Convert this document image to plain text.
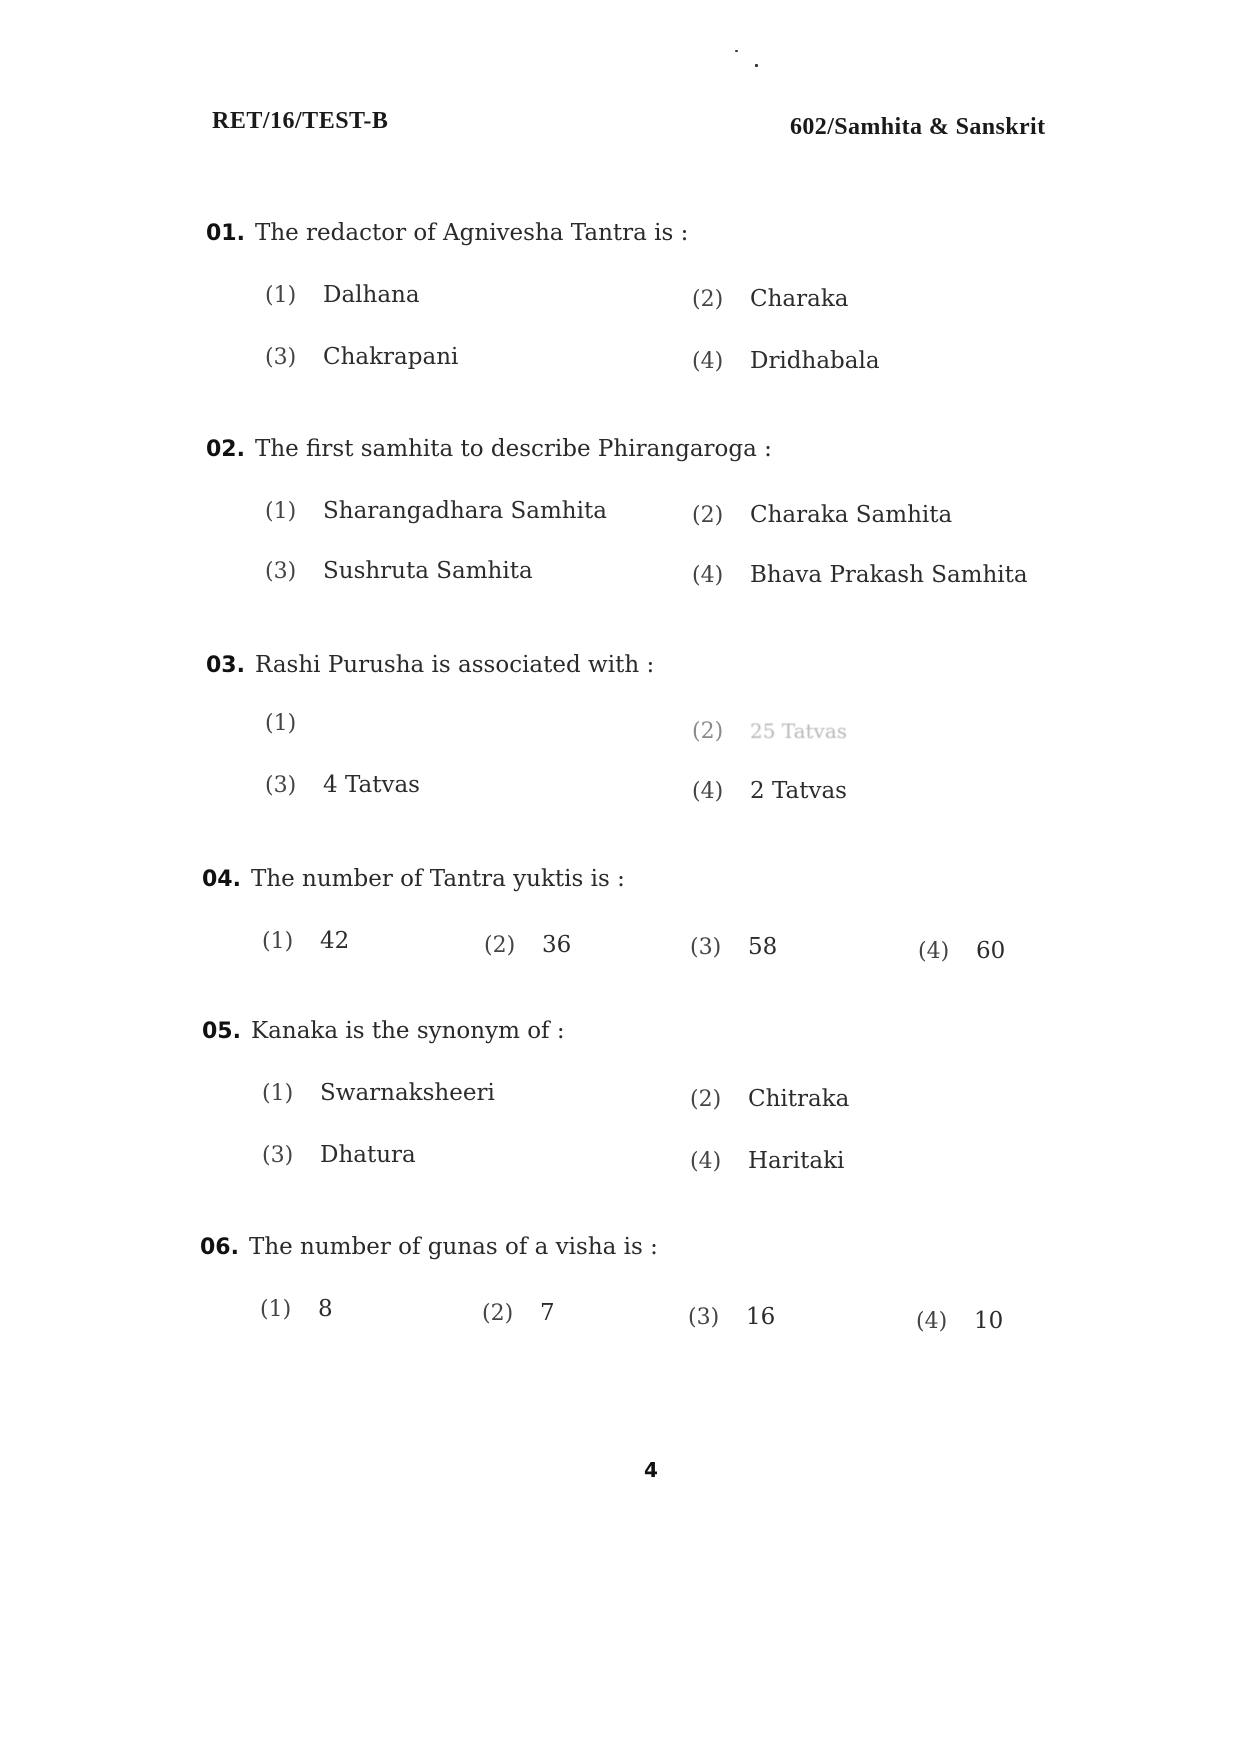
RET/16/TEST-B	602/Samhita & Sanskrit
01. The redactor of Agnivesha Tantra is :
(1) Dalhana	(2) Charaka
(3) Chakrapani	(4) Dridhabala
02. The first samhita to describe Phirangaroga :
(1) Sharangadhara Samhita	(2) Charaka Samhita
(3) Sushruta Samhita	(4) Bhava Prakash Samhita
03. Rashi Purusha is associated with :
(1)	(2) 25 Tatvas
(3) 4 Tatvas	(4) 2 Tatvas
04. The number of Tantra yuktis is :
(1) 42	(2) 36	(3) 58	(4) 60
05. Kanaka is the synonym of :
(1) Swarnaksheeri	(2) Chitraka
(3) Dhatura	(4) Haritaki
06. The number of gunas of a visha is :
(1) 8	(2) 7	(3) 16	(4) 10
4
